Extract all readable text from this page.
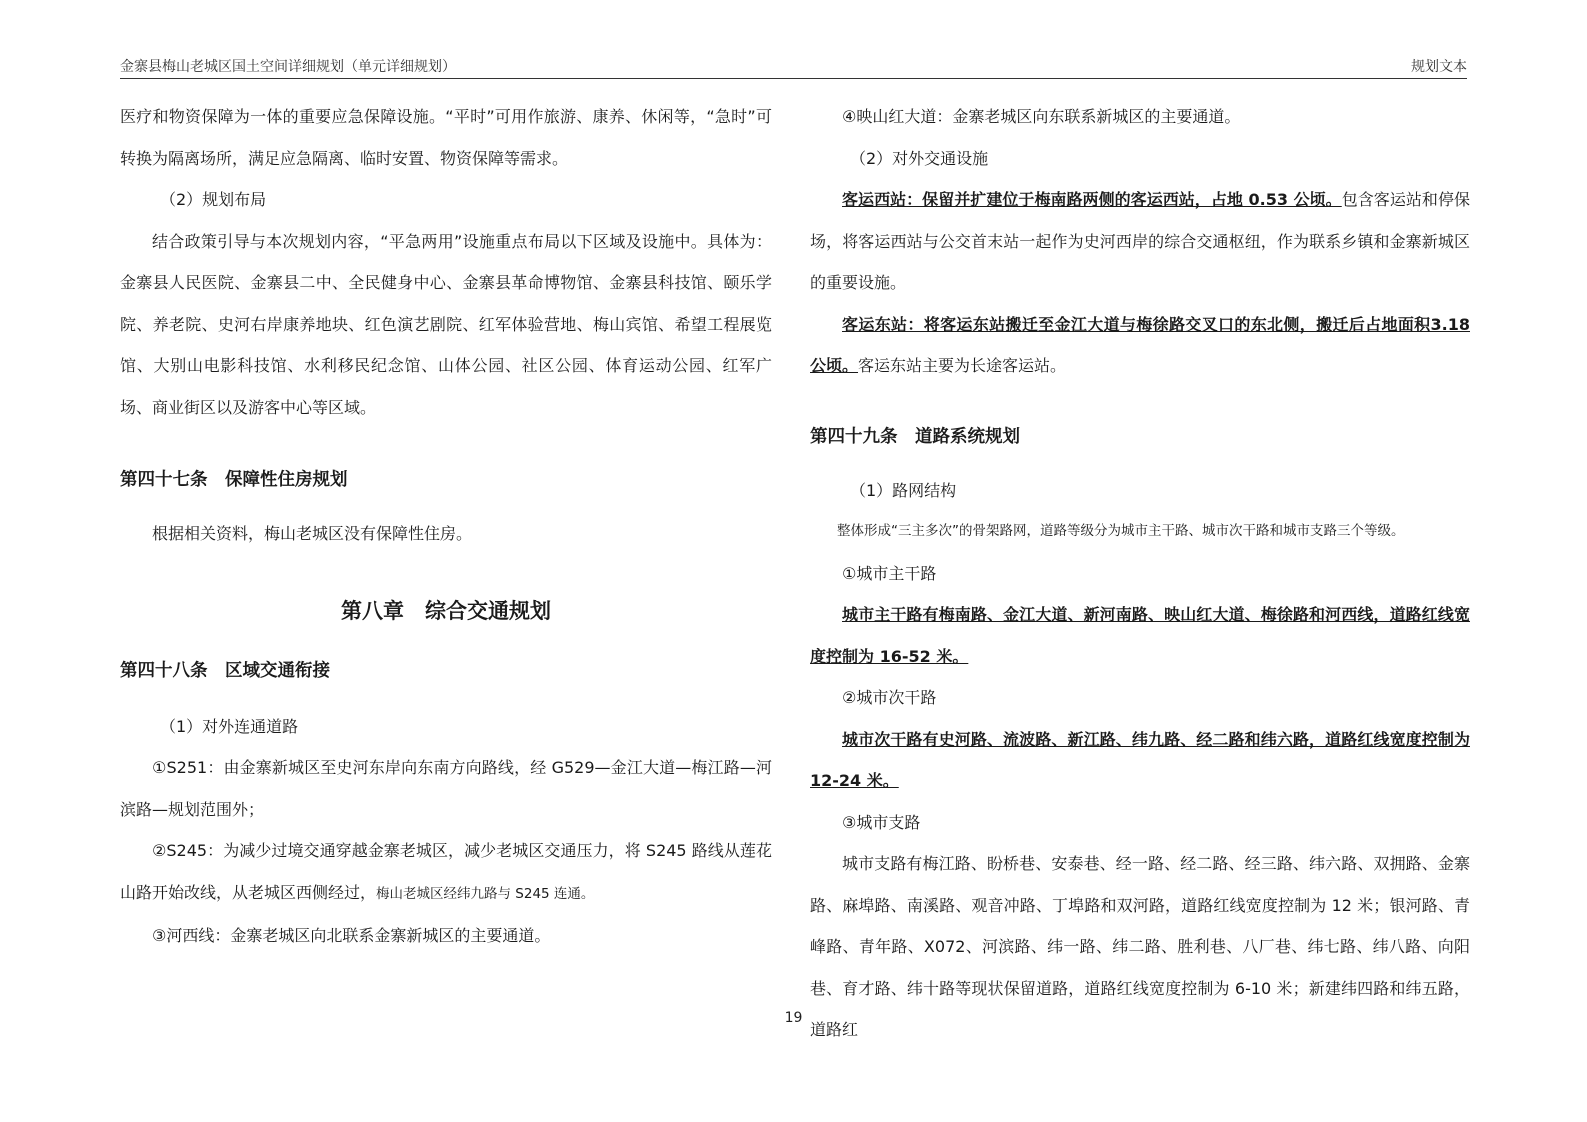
金寨县梅山老城区国土空间详细规划（单元详细规划）	规划文本

医疗和物资保障为一体的重要应急保障设施。“平时”可用作旅游、康养、休闲等，“急时”可转换为隔离场所，满足应急隔离、临时安置、物资保障等需求。

（2）规划布局

结合政策引导与本次规划内容，“平急两用”设施重点布局以下区域及设施中。具体为：金寨县人民医院、金寨县二中、全民健身中心、金寨县革命博物馆、金寨县科技馆、颐乐学院、养老院、史河右岸康养地块、红色演艺剧院、红军体验营地、梅山宾馆、希望工程展览馆、大别山电影科技馆、水利移民纪念馆、山体公园、社区公园、体育运动公园、红军广场、商业街区以及游客中心等区域。

第四十七条　保障性住房规划

根据相关资料，梅山老城区没有保障性住房。

第八章　综合交通规划

第四十八条　区域交通衔接

（1）对外连通道路

①S251：由金寨新城区至史河东岸向东南方向路线，经 G529—金江大道—梅江路—河滨路—规划范围外；

②S245：为减少过境交通穿越金寨老城区，减少老城区交通压力，将 S245 路线从莲花山路开始改线，从老城区西侧经过，梅山老城区经纬九路与 S245 连通。

③河西线：金寨老城区向北联系金寨新城区的主要通道。

④映山红大道：金寨老城区向东联系新城区的主要通道。

（2）对外交通设施

客运西站：保留并扩建位于梅南路两侧的客运西站，占地 0.53 公顷。包含客运站和停保场，将客运西站与公交首末站一起作为史河西岸的综合交通枢纽，作为联系乡镇和金寨新城区的重要设施。

客运东站：将客运东站搬迁至金江大道与梅徐路交叉口的东北侧，搬迁后占地面积3.18公顷。客运东站主要为长途客运站。

第四十九条　道路系统规划

（1）路网结构

整体形成“三主多次”的骨架路网，道路等级分为城市主干路、城市次干路和城市支路三个等级。

①城市主干路

城市主干路有梅南路、金江大道、新河南路、映山红大道、梅徐路和河西线，道路红线宽度控制为 16-52 米。

②城市次干路

城市次干路有史河路、流波路、新江路、纬九路、经二路和纬六路，道路红线宽度控制为 12-24 米。

③城市支路

城市支路有梅江路、盼桥巷、安泰巷、经一路、经二路、经三路、纬六路、双拥路、金寨路、麻埠路、南溪路、观音冲路、丁埠路和双河路，道路红线宽度控制为 12 米；银河路、青峰路、青年路、X072、河滨路、纬一路、纬二路、胜利巷、八厂巷、纬七路、纬八路、向阳巷、育才路、纬十路等现状保留道路，道路红线宽度控制为 6-10 米；新建纬四路和纬五路，道路红

19
